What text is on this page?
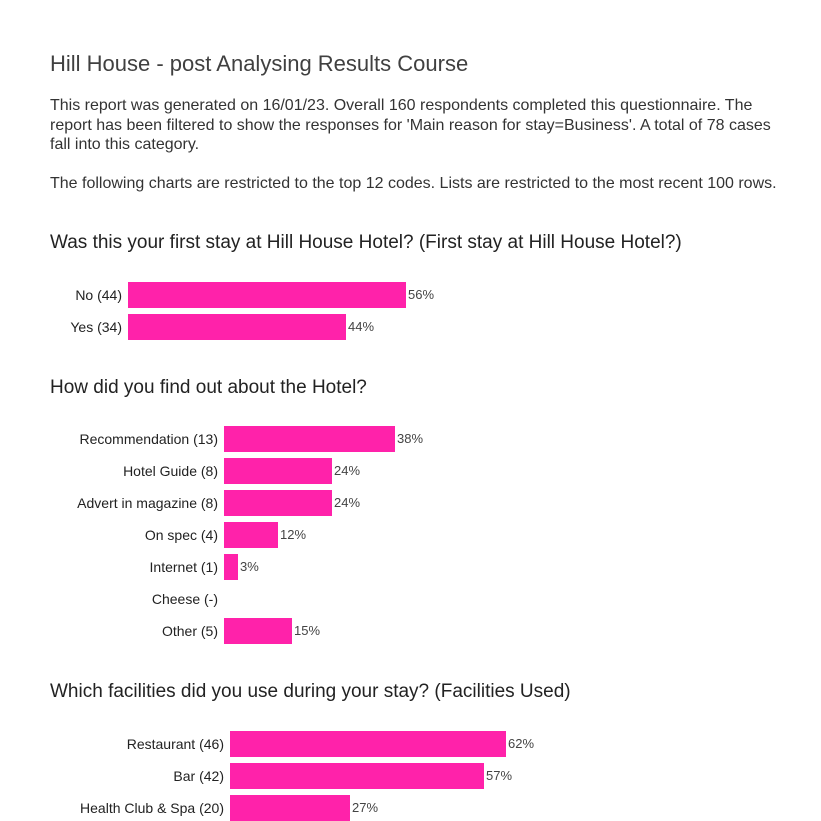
Hill House - post Analysing Results Course

This report was generated on 16/01/23. Overall 160 respondents completed this questionnaire. The report has been filtered to show the responses for 'Main reason for stay=Business'. A total of 78 cases fall into this category.

The following charts are restricted to the top 12 codes. Lists are restricted to the most recent 100 rows.

Was this your first stay at Hill House Hotel? (First stay at Hill House Hotel?)
No (44)	56%
Yes (34)	44%
How did you find out about the Hotel?
Recommendation (13)	38%
Hotel Guide (8)	24%
Advert in magazine (8)	24%
On spec (4)	12%
Internet (1) 3%
Cheese (-)
Other (5)	15%
Which facilities did you use during your stay? (Facilities Used)
Restaurant (46)	62%
Bar (42)	57%
Health Club & Spa (20)	27%
